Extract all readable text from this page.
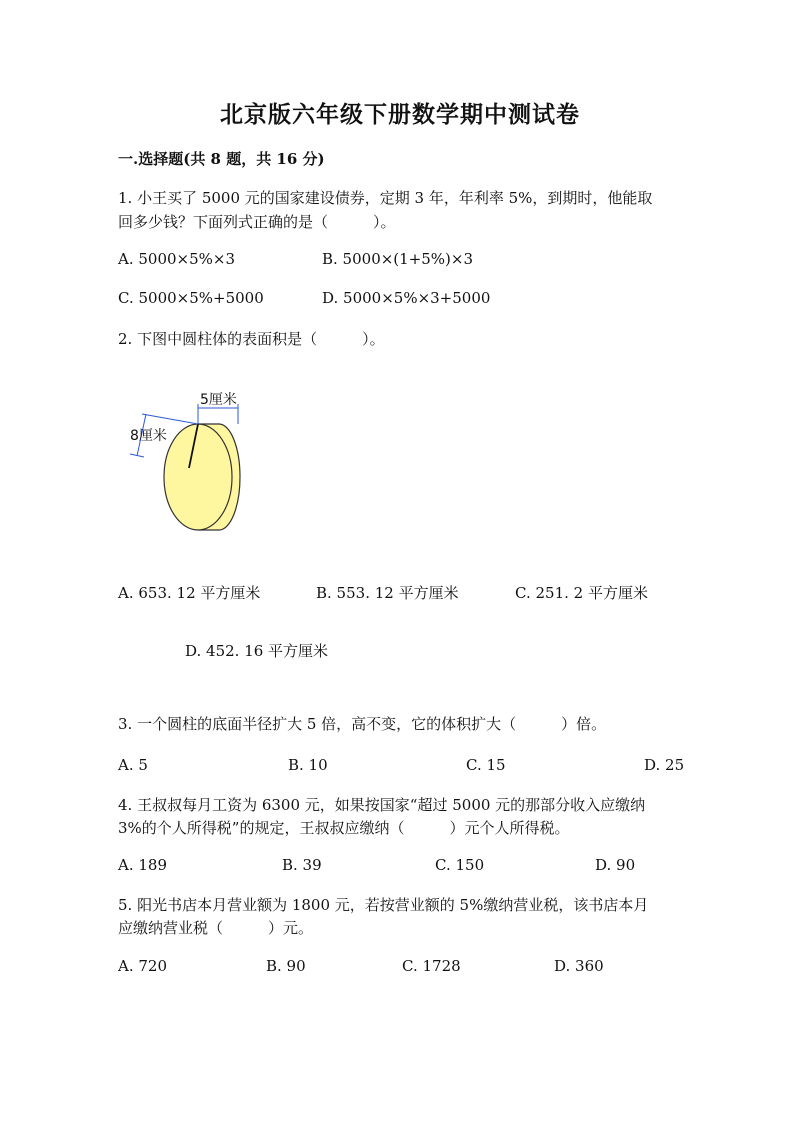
北京版六年级下册数学期中测试卷
一.选择题(共 8 题，共 16 分)
1. 小王买了 5000 元的国家建设债券，定期 3 年，年利率 5%，到期时，他能取
回多少钱？下面列式正确的是（　　　）。
A. 5000×5%×3	B. 5000×(1+5%)×3
C. 5000×5%+5000	D. 5000×5%×3+5000
2. 下图中圆柱体的表面积是（　　　）。
5厘米
8厘米
A. 653. 12 平方厘米	B. 553. 12 平方厘米	C. 251. 2 平方厘米
D. 452. 16 平方厘米
3. 一个圆柱的底面半径扩大 5 倍，高不变，它的体积扩大（　　　）倍。
A. 5	B. 10	C. 15	D. 25
4. 王叔叔每月工资为 6300 元，如果按国家“超过 5000 元的那部分收入应缴纳
3%的个人所得税”的规定，王叔叔应缴纳（　　　）元个人所得税。
A. 189	B. 39	C. 150	D. 90
5. 阳光书店本月营业额为 1800 元，若按营业额的 5%缴纳营业税，该书店本月
应缴纳营业税（　　　）元。
A. 720	B. 90	C. 1728	D. 360
